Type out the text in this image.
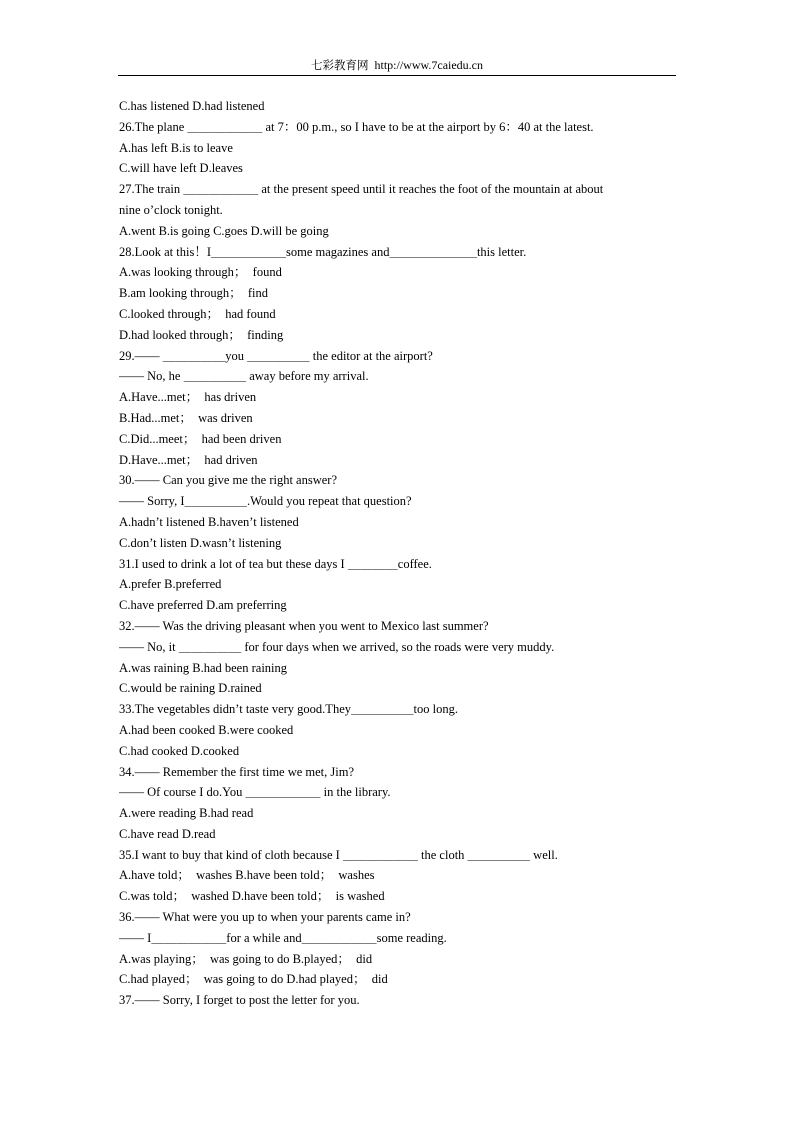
七彩教育网 http://www.7caiedu.cn
C.has listened D.had listened
26.The plane ＿＿＿＿＿＿ at 7：00 p.m., so I have to be at the airport by 6：40 at the latest.
A.has left B.is to leave
C.will have left D.leaves
27.The train ＿＿＿＿＿＿ at the present speed until it reaches the foot of the mountain at about
nine o’clock tonight.
A.went B.is going C.goes D.will be going
28.Look at this！I＿＿＿＿＿＿some magazines and＿＿＿＿＿＿＿this letter.
A.was looking through；  found
B.am looking through；  find
C.looked through；  had found
D.had looked through；  finding
29.—— ＿＿＿＿＿you ＿＿＿＿＿ the editor at the airport?
—— No, he ＿＿＿＿＿ away before my arrival.
A.Have...met；  has driven
B.Had...met；  was driven
C.Did...meet；  had been driven
D.Have...met；  had driven
30.—— Can you give me the right answer?
—— Sorry, I＿＿＿＿＿.Would you repeat that question?
A.hadn’t listened B.haven’t listened
C.don’t listen D.wasn’t listening
31.I used to drink a lot of tea but these days I ＿＿＿＿coffee.
A.prefer B.preferred
C.have preferred D.am preferring
32.—— Was the driving pleasant when you went to Mexico last summer?
—— No, it ＿＿＿＿＿ for four days when we arrived, so the roads were very muddy.
A.was raining B.had been raining
C.would be raining D.rained
33.The vegetables didn’t taste very good.They＿＿＿＿＿too long.
A.had been cooked B.were cooked
C.had cooked D.cooked
34.—— Remember the first time we met, Jim?
—— Of course I do.You ＿＿＿＿＿＿ in the library.
A.were reading B.had read
C.have read D.read
35.I want to buy that kind of cloth because I ＿＿＿＿＿＿ the cloth ＿＿＿＿＿ well.
A.have told；  washes B.have been told；  washes
C.was told；  washed D.have been told；  is washed
36.—— What were you up to when your parents came in?
—— I＿＿＿＿＿＿for a while and＿＿＿＿＿＿some reading.
A.was playing；  was going to do B.played；  did
C.had played；  was going to do D.had played；  did
37.—— Sorry, I forget to post the letter for you.
